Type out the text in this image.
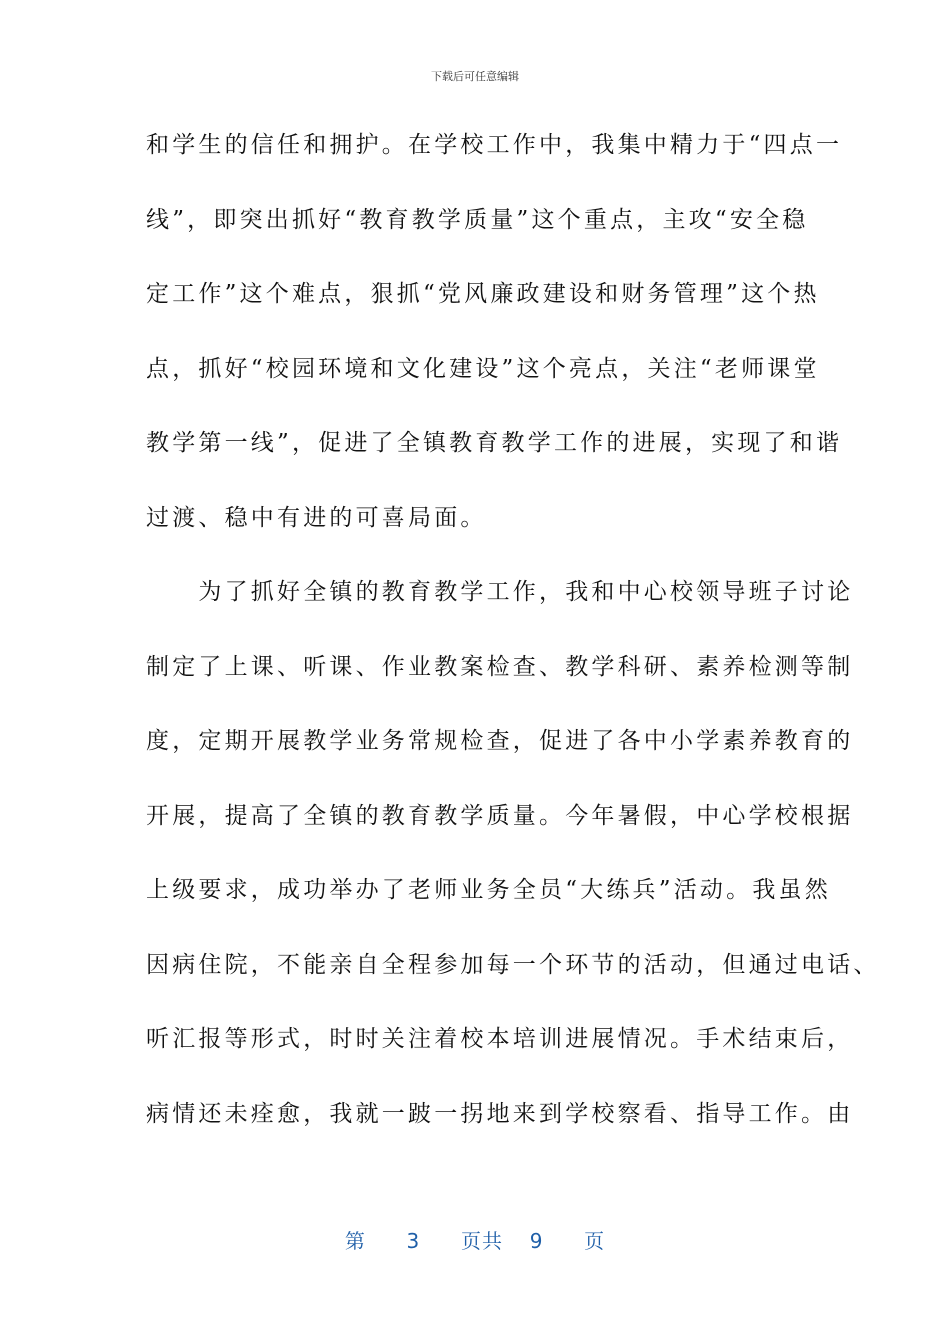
下载后可任意编辑
和学生的信任和拥护。在学校工作中，我集中精力于“四点一
线”，即突出抓好“教育教学质量”这个重点，主攻“安全稳
定工作”这个难点，狠抓“党风廉政建设和财务管理”这个热
点，抓好“校园环境和文化建设”这个亮点，关注“老师课堂
教学第一线”，促进了全镇教育教学工作的进展，实现了和谐
过渡、稳中有进的可喜局面。
　　为了抓好全镇的教育教学工作，我和中心校领导班子讨论
制定了上课、听课、作业教案检查、教学科研、素养检测等制
度，定期开展教学业务常规检查，促进了各中小学素养教育的
开展，提高了全镇的教育教学质量。今年暑假，中心学校根据
上级要求，成功举办了老师业务全员“大练兵”活动。我虽然
因病住院，不能亲自全程参加每一个环节的活动，但通过电话、
听汇报等形式，时时关注着校本培训进展情况。手术结束后，
病情还未痊愈，我就一跛一拐地来到学校察看、指导工作。由
第 3 页共 9 页
